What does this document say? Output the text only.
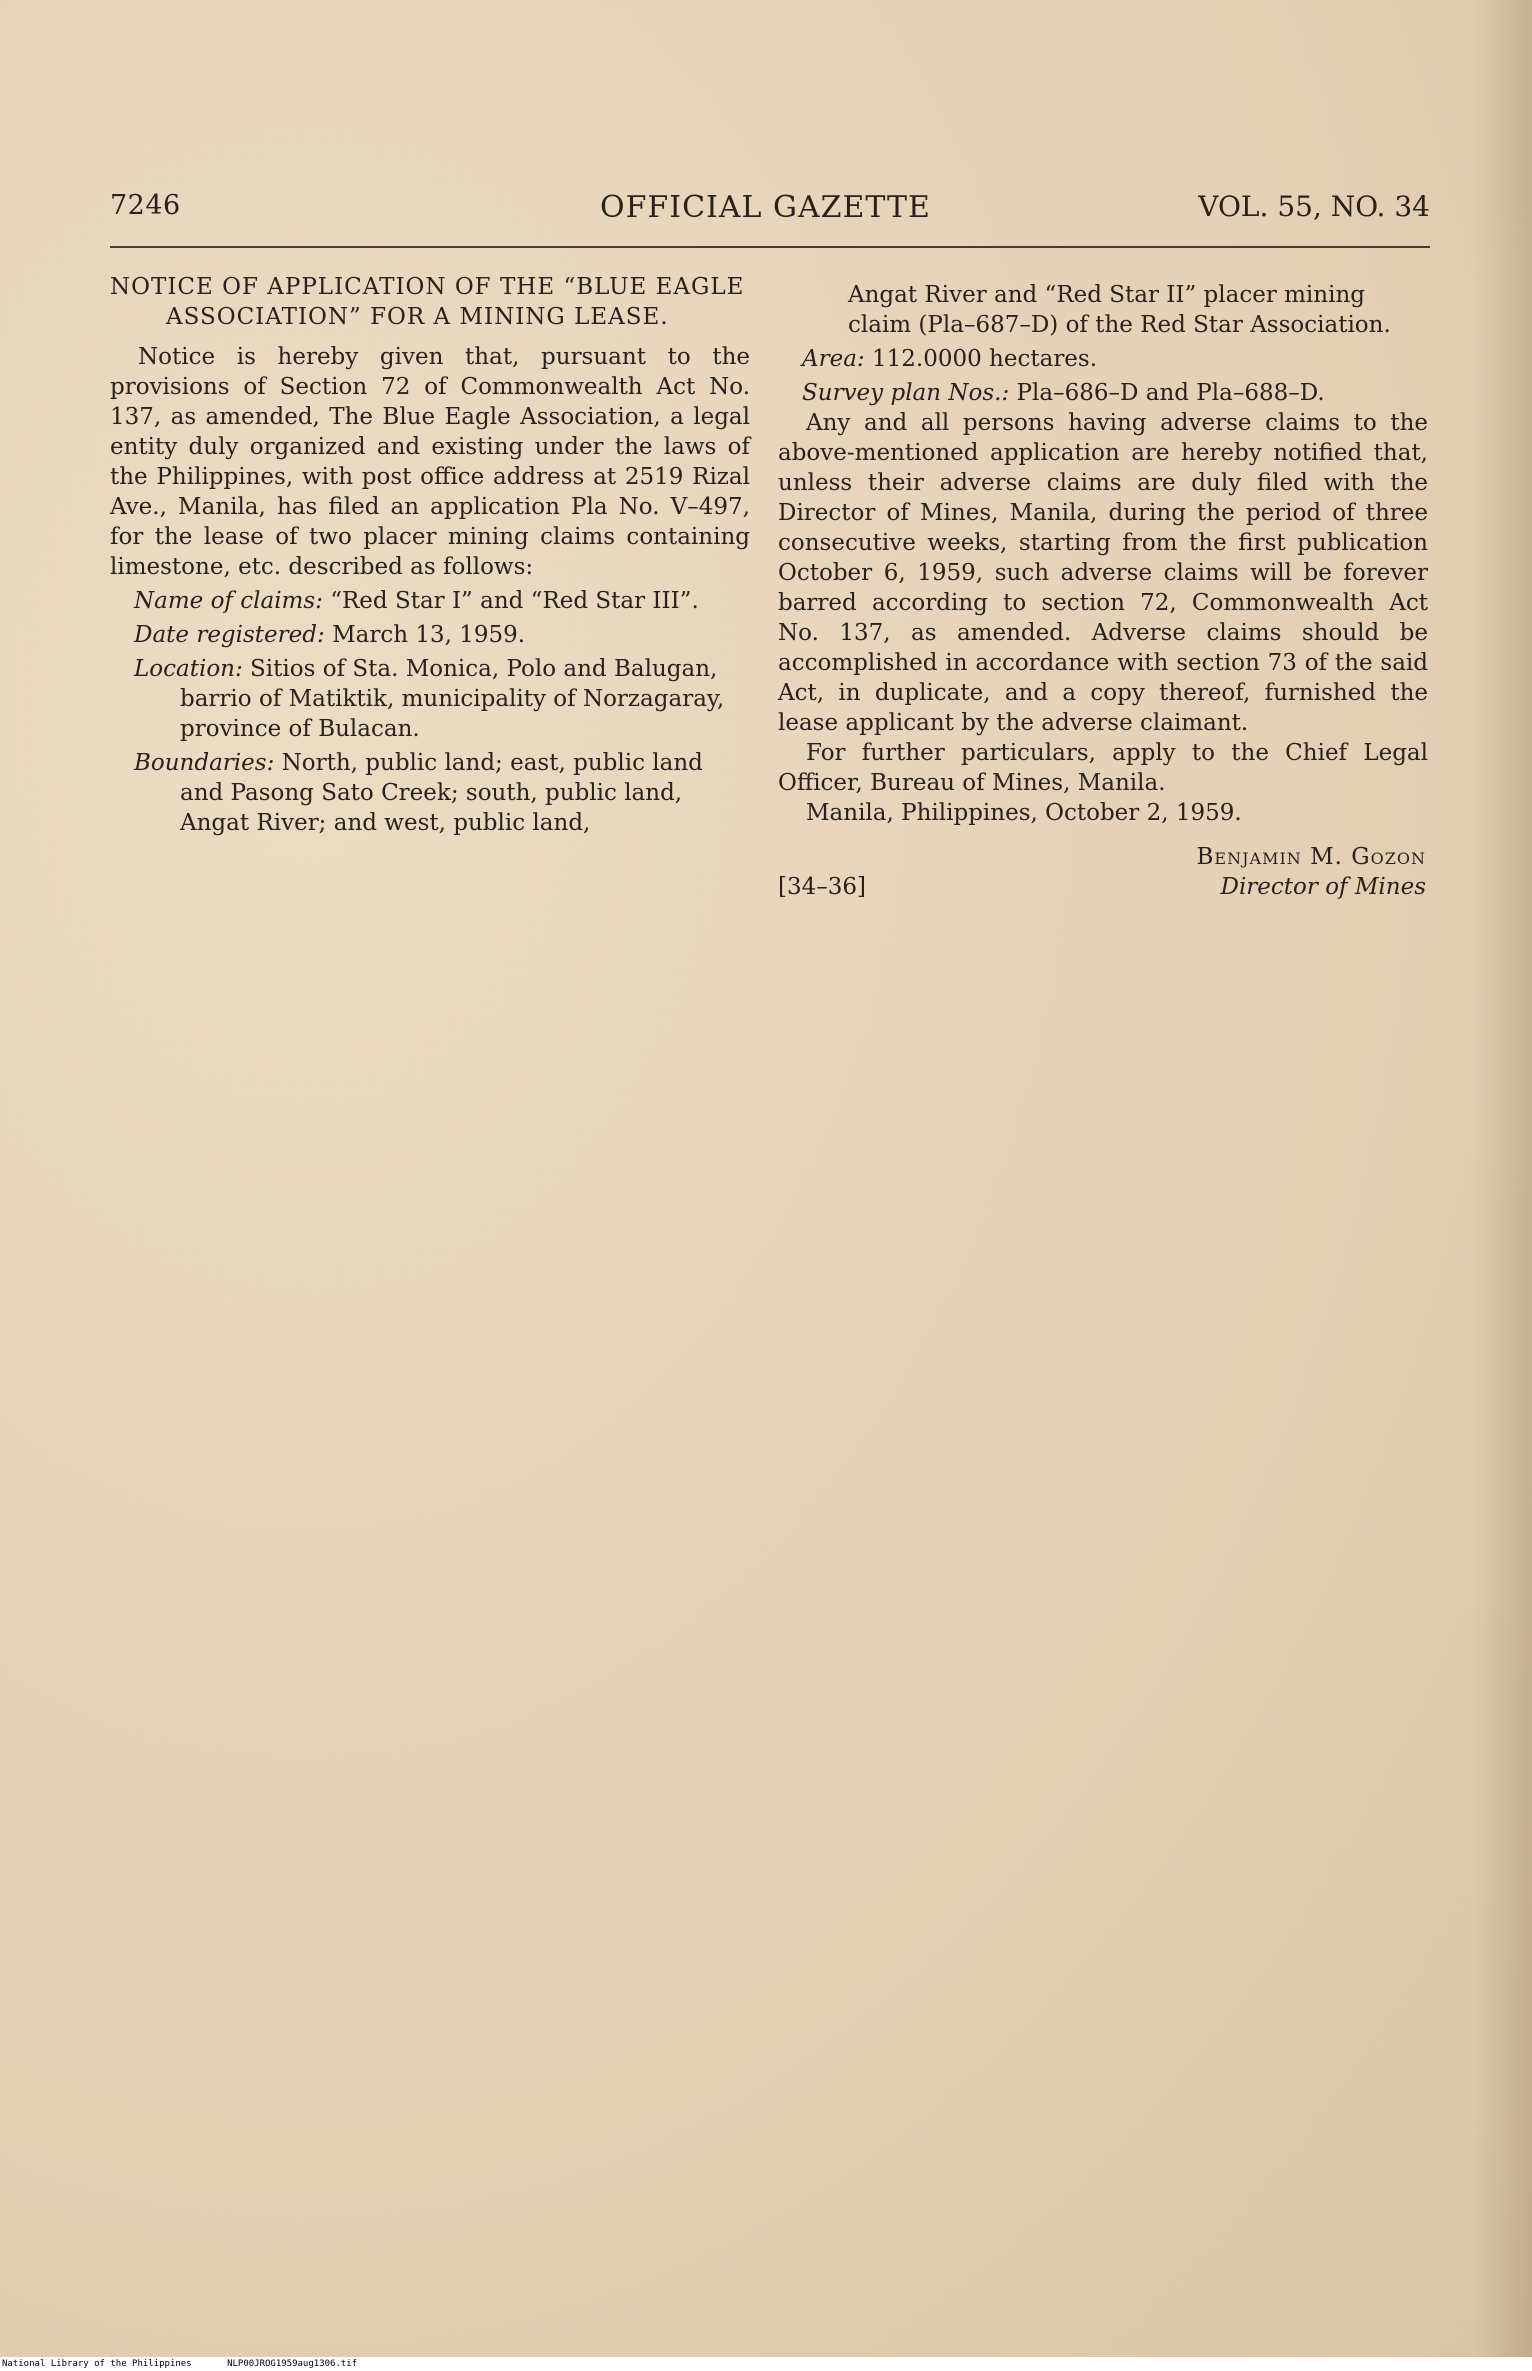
7246	OFFICIAL GAZETTE	VOL. 55, NO. 34
NOTICE OF APPLICATION OF THE “BLUE EAGLE ASSOCIATION” FOR A MINING LEASE.

Notice is hereby given that, pursuant to the provisions of Section 72 of Commonwealth Act No. 137, as amended, The Blue Eagle Association, a legal entity duly organized and existing under the laws of the Philippines, with post office address at 2519 Rizal Ave., Manila, has filed an application Pla No. V–497, for the lease of two placer mining claims containing limestone, etc. described as follows:

Name of claims: “Red Star I” and “Red Star III”.

Date registered: March 13, 1959.

Location: Sitios of Sta. Monica, Polo and Balugan, barrio of Matiktik, municipality of Norzagaray, province of Bulacan.

Boundaries: North, public land; east, public land and Pasong Sato Creek; south, public land, Angat River; and west, public land,

Angat River and “Red Star II” placer mining claim (Pla–687–D) of the Red Star Association.

Area: 112.0000 hectares.

Survey plan Nos.: Pla–686–D and Pla–688–D.

Any and all persons having adverse claims to the above-mentioned application are hereby notified that, unless their adverse claims are duly filed with the Director of Mines, Manila, during the period of three consecutive weeks, starting from the first publication October 6, 1959, such adverse claims will be forever barred according to section 72, Commonwealth Act No. 137, as amended. Adverse claims should be accomplished in accordance with section 73 of the said Act, in duplicate, and a copy thereof, furnished the lease applicant by the adverse claimant.

For further particulars, apply to the Chief Legal Officer, Bureau of Mines, Manila.

Manila, Philippines, October 2, 1959.

Benjamin M. Gozon
[34–36]	Director of Mines
National Library of the Philippines	NLP00JROG1959aug1306.tif
